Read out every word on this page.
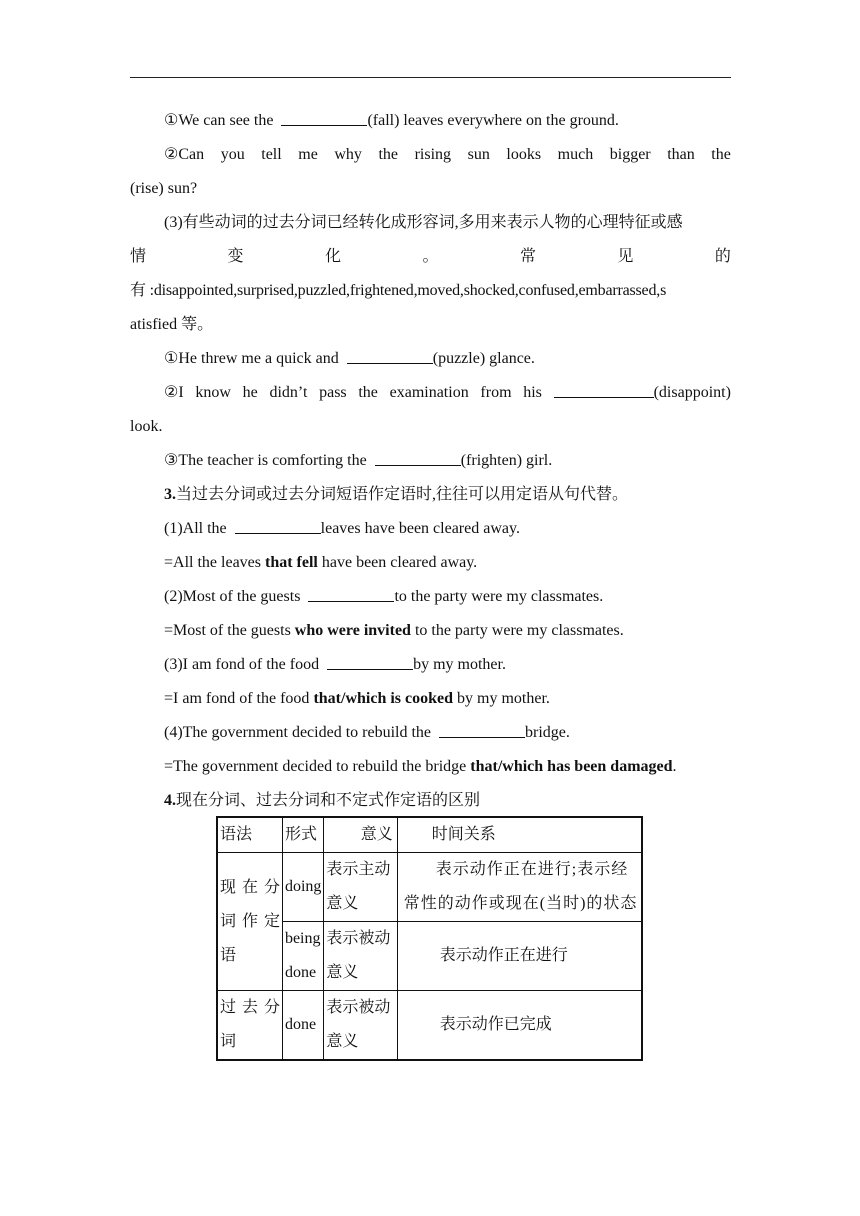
①We can see the	(fall) leaves everywhere on the ground.
②Can you tell me why the rising sun looks much bigger than the
(rise) sun?
(3)有些动词的过去分词已经转化成形容词,多用来表示人物的心理特征或感
情	变	化	。	常	见	的
有 :disappointed,surprised,puzzled,frightened,moved,shocked,confused,embarrassed,s
atisfied 等。
①He threw me a quick and	(puzzle) glance.
②I know he didn’t pass the examination from his	(disappoint)
look.
③The teacher is comforting the	(frighten) girl.
3.当过去分词或过去分词短语作定语时,往往可以用定语从句代替。
(1)All the	leaves have been cleared away.
=All the leaves that fell have been cleared away.
(2)Most of the guests	to the party were my classmates.
=Most of the guests who were invited to the party were my classmates.
(3)I am fond of the food	by my mother.
=I am fond of the food that/which is cooked by my mother.
(4)The government decided to rebuild the	bridge.
=The government decided to rebuild the bridge that/which has been damaged.
4.现在分词、过去分词和不定式作定语的区别
语法	形式	意义	时间关系
现在分词作定语	doing	表示主动意义	表示动作正在进行;表示经常性的动作或现在(当时)的状态
	being done	表示被动意义	表示动作正在进行
过去分词	done	表示被动意义	表示动作已完成
